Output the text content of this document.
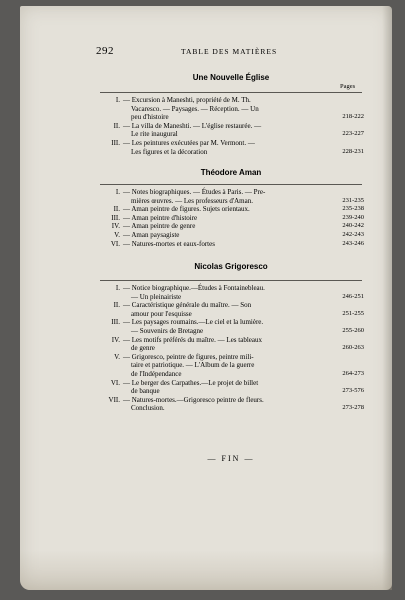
292	TABLE DES MATIÈRES
Une Nouvelle Église
Pages
I. — Excursion à Maneshti, propriété de M. Th.
Vacaresco. — Paysages. — Réception. — Un
peu d'histoire	218-222
II. — La villa de Maneshti. — L'église restaurée. —
Le rite inaugural	223-227
III. — Les peintures exécutées par M. Vermont. —
Les figures et la décoration	228-231
Théodore Aman
I. — Notes biographiques. — Études à Paris. — Pre-
mières œuvres. — Les professeurs d'Aman.	231-235
II. — Aman peintre de figures. Sujets orientaux.	235-238
III. — Aman peintre d'histoire	239-240
IV. — Aman peintre de genre	240-242
V. — Aman paysagiste	242-243
VI. — Natures-mortes et eaux-fortes	243-246
Nicolas Grigoresco
I. — Notice biographique.—Études à Fontainebleau.
— Un pleinairiste	246-251
II. — Caractéristique générale du maître. — Son
amour pour l'esquisse	251-255
III. — Les paysages roumains.—Le ciel et la lumière.
— Souvenirs de Bretagne	255-260
IV. — Les motifs préférés du maître. — Les tableaux
de genre	260-263
V. — Grigoresco, peintre de figures, peintre mili-
taire et patriotique. — L'Album de la guerre
de l'Indépendance	264-273
VI. — Le berger des Carpathes.—Le projet de billet
de banque	273-576
VII. — Natures-mortes.—Grigoresco peintre de fleurs.
Conclusion.	273-278
— FIN —
